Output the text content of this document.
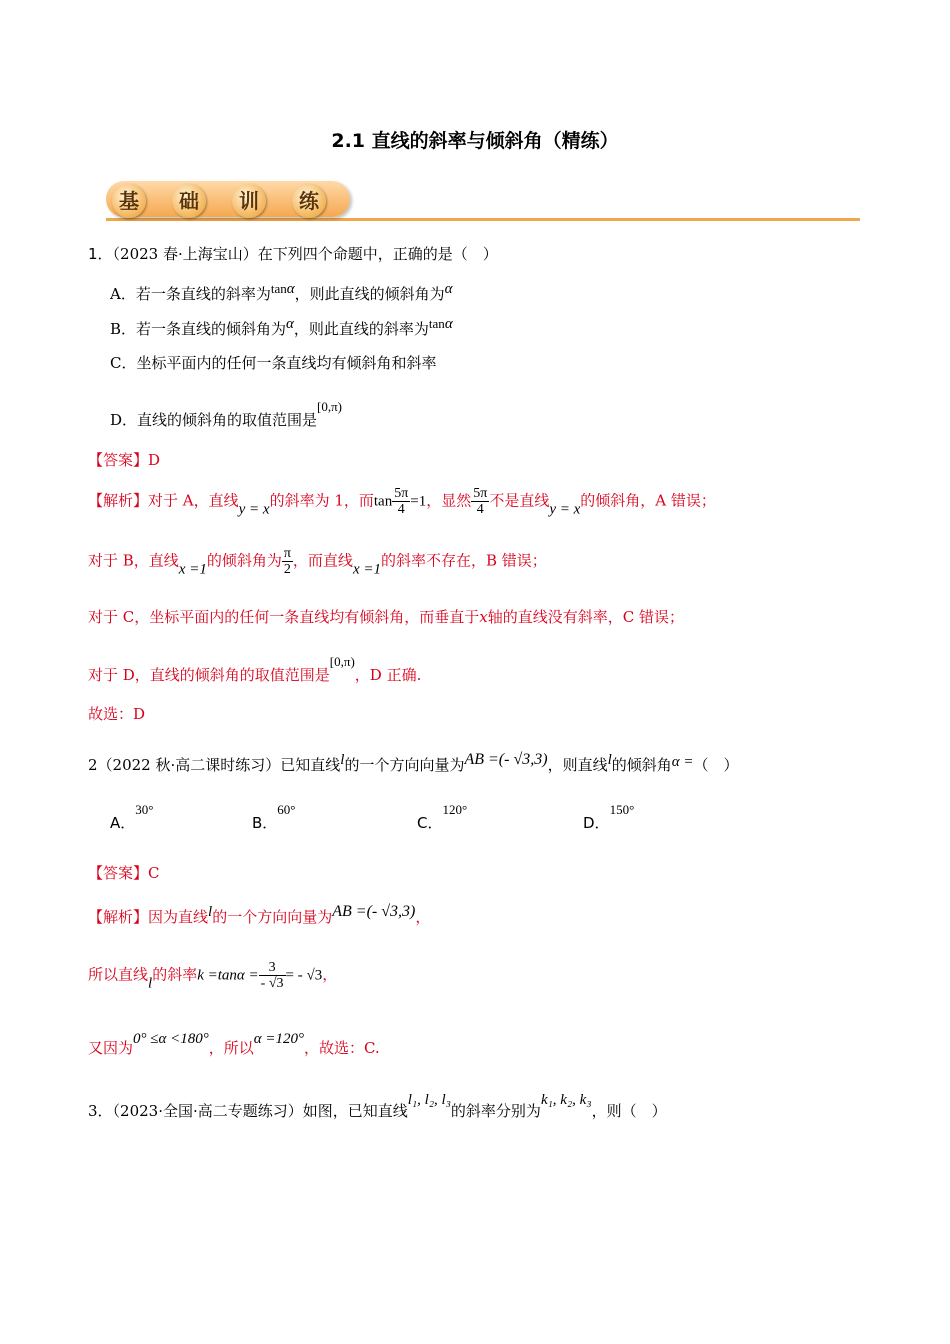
2.1 直线的斜率与倾斜角（精练）
基	础	训	练
1．（2023 春·上海宝山）在下列四个命题中，正确的是（　）
A．若一条直线的斜率为tanα，则此直线的倾斜角为α
B．若一条直线的倾斜角为α，则此直线的斜率为tanα
C．坐标平面内的任何一条直线均有倾斜角和斜率
D．直线的倾斜角的取值范围是[0,π)
【答案】D
【解析】对于 A，直线y = x的斜率为 1，而$\tan \frac{5\pi}{4} =1$，显然 $\frac{5\pi}{4}$ 不是直线y = x的倾斜角，A 错误；
对于 B，直线x =1的倾斜角为 $\frac{\pi}{2}$ ，而直线x =1的斜率不存在，B 错误；
对于 C，坐标平面内的任何一条直线均有倾斜角，而垂直于x轴的直线没有斜率，C 错误；
对于 D，直线的倾斜角的取值范围是[0,π)，D 正确.
故选：D
2（2022 秋·高二课时练习）已知直线l的一个方向向量为AB =(- √3,3)，则直线l的倾斜角α =（　）
A．30°
B．60°
C．120°
D．150°
【答案】C
【解析】因为直线l的一个方向向量为AB =(- √3,3)，
所以直线l的斜率$k =\tan\alpha = \frac{3}{- √3}$ = - √3，
又因为0° ≤α <180°，所以α =120°，故选：C.
3．（2023·全国·高二专题练习）如图，已知直线l₁, l₂, l₃的斜率分别为k₁, k₂, k₃，则（　）
